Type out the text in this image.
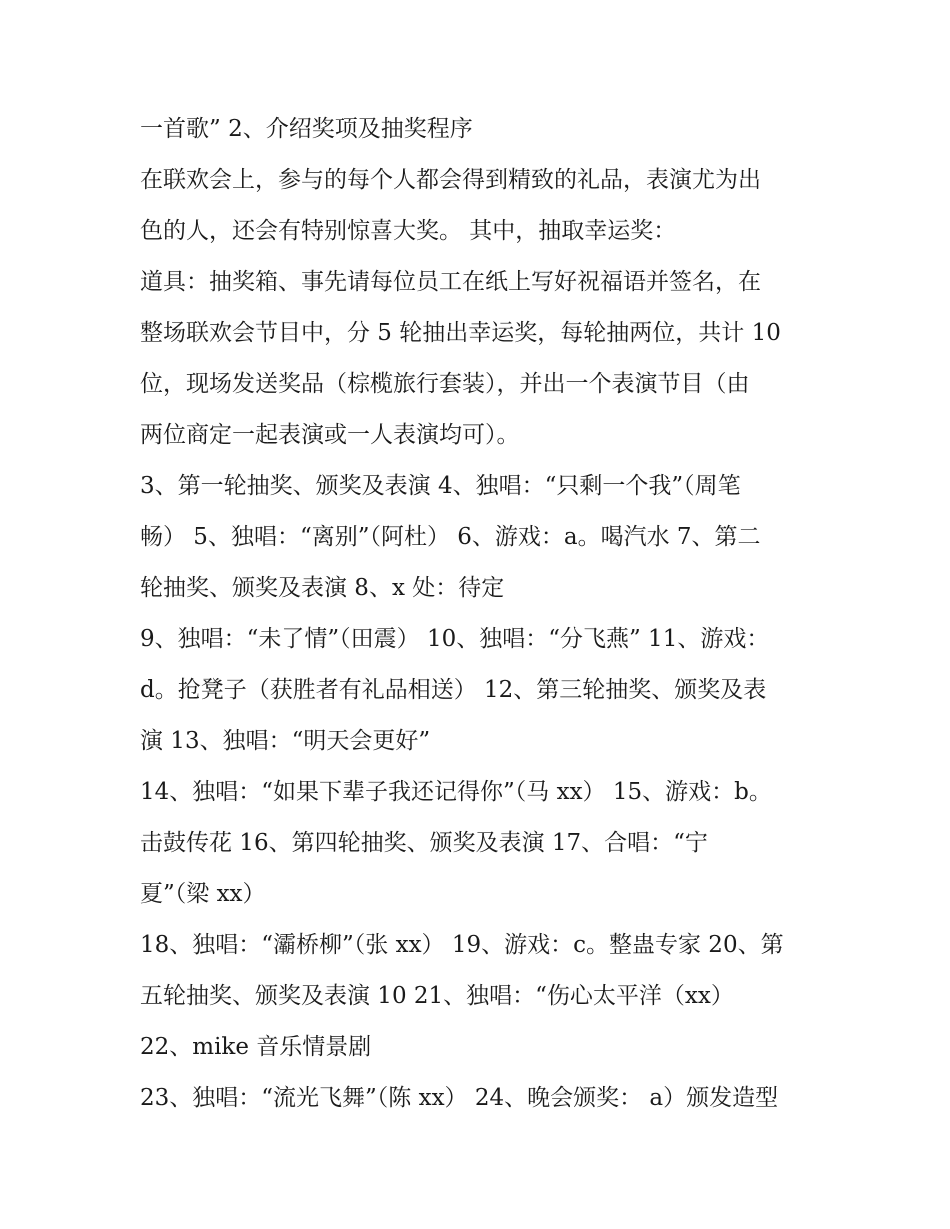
一首歌” 2、介绍奖项及抽奖程序
在联欢会上，参与的每个人都会得到精致的礼品，表演尤为出
色的人，还会有特别惊喜大奖。 其中，抽取幸运奖：
道具：抽奖箱、事先请每位员工在纸上写好祝福语并签名，在
整场联欢会节目中，分 5 轮抽出幸运奖，每轮抽两位，共计 10
位，现场发送奖品（棕榄旅行套装），并出一个表演节目（由
两位商定一起表演或一人表演均可）。
3、第一轮抽奖、颁奖及表演 4、独唱：“只剩一个我”（周笔
畅） 5、独唱：“离别”（阿杜） 6、游戏：a。喝汽水 7、第二
轮抽奖、颁奖及表演 8、x 处：待定
9、独唱：“未了情”（田震） 10、独唱：“分飞燕” 11、游戏：
d。抢凳子（获胜者有礼品相送） 12、第三轮抽奖、颁奖及表
演 13、独唱：“明天会更好”
14、独唱：“如果下辈子我还记得你”（马 xx） 15、游戏：b。
击鼓传花 16、第四轮抽奖、颁奖及表演 17、合唱：“宁
夏”（梁 xx）
18、独唱：“灞桥柳”（张 xx） 19、游戏：c。整蛊专家 20、第
五轮抽奖、颁奖及表演 10 21、独唱：“伤心太平洋（xx）
22、mike 音乐情景剧
23、独唱：“流光飞舞”（陈 xx） 24、晚会颁奖： a）颁发造型
